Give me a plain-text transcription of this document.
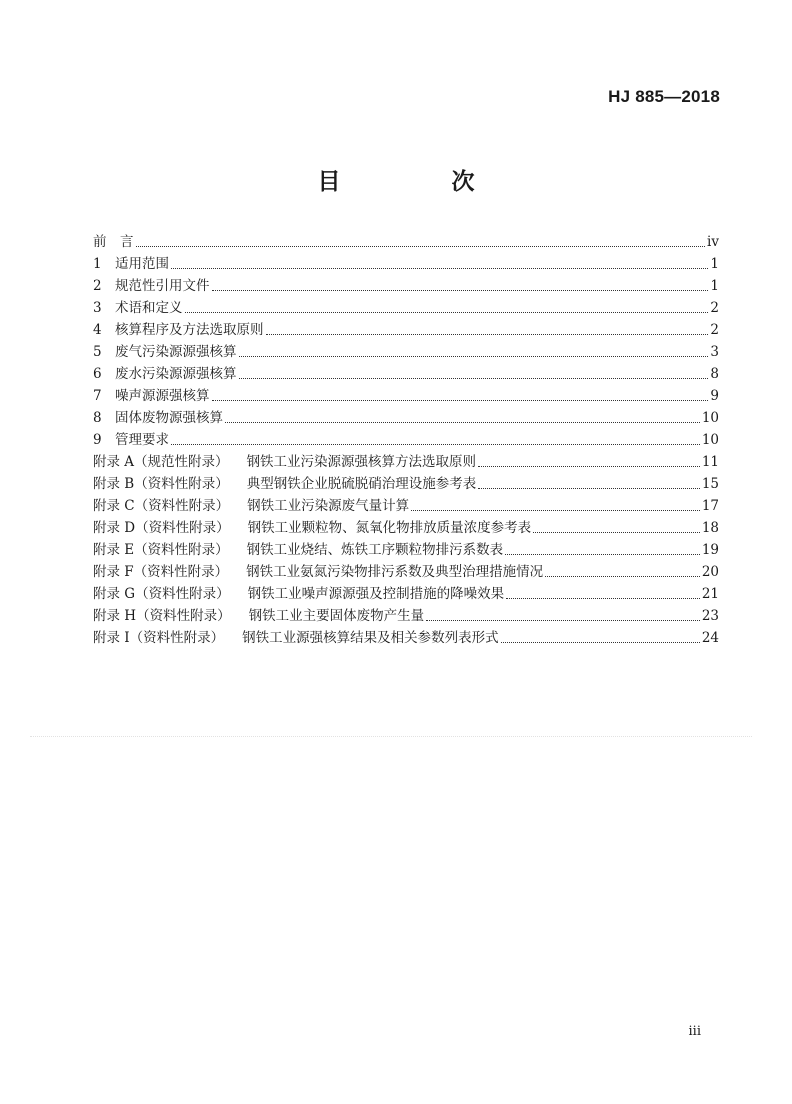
HJ 885—2018
目　次
前　言	iv
1 适用范围	1
2 规范性引用文件	1
3 术语和定义	2
4 核算程序及方法选取原则	2
5 废气污染源源强核算	3
6 废水污染源源强核算	8
7 噪声源源强核算	9
8 固体废物源强核算	10
9 管理要求	10
附录 A（规范性附录）	钢铁工业污染源源强核算方法选取原则	11
附录 B（资料性附录）	典型钢铁企业脱硫脱硝治理设施参考表	15
附录 C（资料性附录）	钢铁工业污染源废气量计算	17
附录 D（资料性附录）	钢铁工业颗粒物、氮氧化物排放质量浓度参考表	18
附录 E（资料性附录）	钢铁工业烧结、炼铁工序颗粒物排污系数表	19
附录 F（资料性附录）	钢铁工业氨氮污染物排污系数及典型治理措施情况	20
附录 G（资料性附录）	钢铁工业噪声源源强及控制措施的降噪效果	21
附录 H（资料性附录）	钢铁工业主要固体废物产生量	23
附录 I（资料性附录）	钢铁工业源强核算结果及相关参数列表形式	24
iii
